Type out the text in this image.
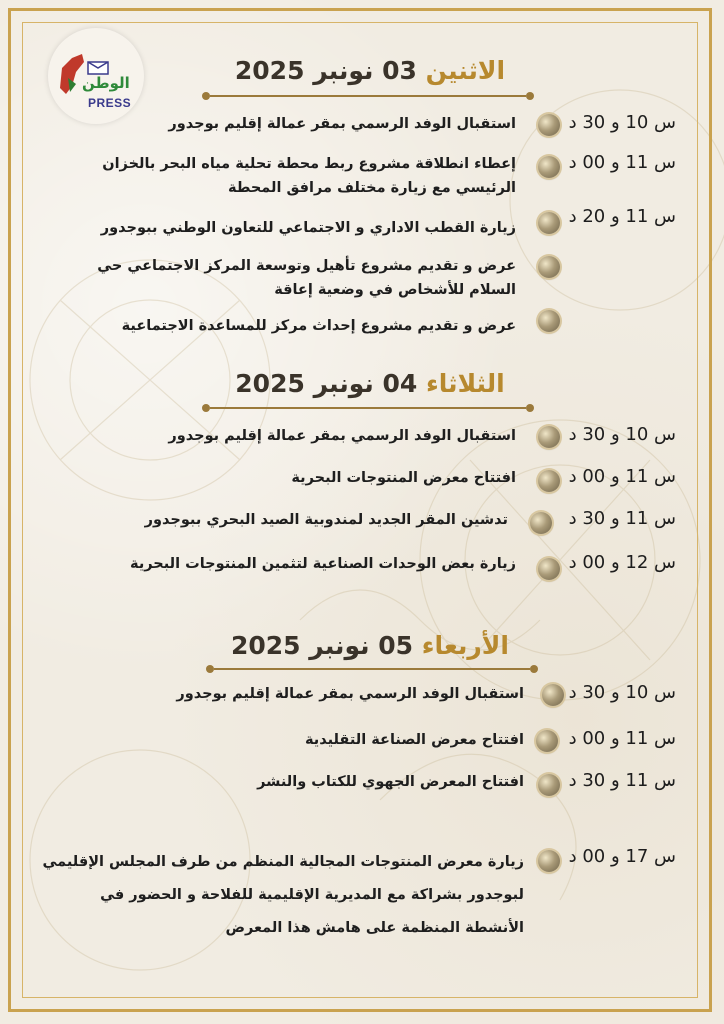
الوطن
PRESS
الاثنين 03 نونبر 2025
س 10 و 30 د
استقبال الوفد الرسمي بمقر عمالة إقليم بوجدور
س 11 و 00 د
إعطاء انطلاقة مشروع ربط محطة تحلية مياه البحر بالخزان الرئيسي مع زيارة مختلف مرافق المحطة
س 11 و 20 د
زيارة القطب الاداري و الاجتماعي للتعاون الوطني ببوجدور
عرض و تقديم مشروع تأهيل وتوسعة المركز الاجتماعي حي السلام للأشخاص في وضعية إعاقة
عرض و تقديم مشروع إحداث مركز للمساعدة الاجتماعية
الثلاثاء 04 نونبر 2025
س 10 و 30 د
استقبال الوفد الرسمي بمقر عمالة إقليم بوجدور
س 11 و 00 د
افتتاح معرض المنتوجات البحرية
س 11 و 30 د
تدشين المقر الجديد لمندوبية الصيد البحري ببوجدور
س 12 و 00 د
زيارة بعض الوحدات الصناعية لتثمين المنتوجات البحرية
الأربعاء 05 نونبر 2025
س 10 و 30 د
استقبال الوفد الرسمي بمقر عمالة إقليم بوجدور
س 11 و 00 د
افتتاح معرض الصناعة التقليدية
س 11 و 30 د
افتتاح المعرض الجهوي للكتاب والنشر
س 17 و 00 د
زيارة معرض المنتوجات المجالية المنظم من طرف المجلس الإقليمي لبوجدور بشراكة مع المديرية الإقليمية للفلاحة و الحضور في الأنشطة المنظمة على هامش هذا المعرض
